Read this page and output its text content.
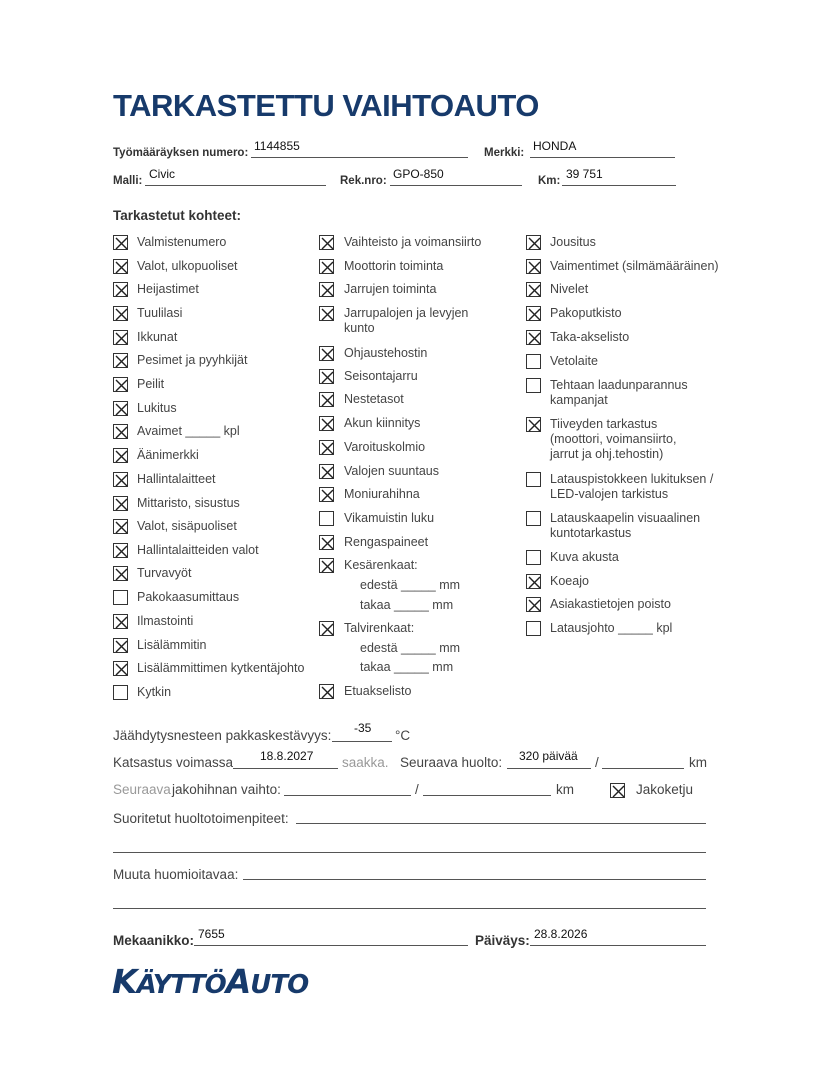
TARKASTETTU VAIHTOAUTO
Työmääräyksen numero: 1144855	Merkki: HONDA
Malli: Civic	Rek.nro: GPO-850	Km: 39 751
Tarkastetut kohteet:
Valmistenumero
Valot, ulkopuoliset
Heijastimet
Tuulilasi
Ikkunat
Pesimet ja pyyhkijät
Peilit
Lukitus
Avaimet _____ kpl
Äänimerkki
Hallintalaitteet
Mittaristo, sisustus
Valot, sisäpuoliset
Hallintalaitteiden valot
Turvavyöt
Pakokaasumittaus
Ilmastointi
Lisälämmitin
Lisälämmittimen kytkentäjohto
Kytkin
Vaihteisto ja voimansiirto
Moottorin toiminta
Jarrujen toiminta
Jarrupalojen ja levyjen
kunto
Ohjaustehostin
Seisontajarru
Nestetasot
Akun kiinnitys
Varoituskolmio
Valojen suuntaus
Moniurahihna
Vikamuistin luku
Rengaspaineet
Kesärenkaat:
Talvirenkaat:
Etuakselisto
Jousitus
Vaimentimet (silmämääräinen)
Nivelet
Pakoputkisto
Taka-akselisto
Vetolaite
Tehtaan laadunparannus
kampanjat
Tiiveyden tarkastus
(moottori, voimansiirto,
jarrut ja ohj.tehostin)
Latauspistokkeen lukituksen /
LED-valojen tarkistus
Latauskaapelin visuaalinen
kuntotarkastus
Kuva akusta
Koeajo
Asiakastietojen poisto
Latausjohto _____ kpl
edestä _____ mm
takaa _____ mm
edestä _____ mm
takaa _____ mm
Jäähdytysnesteen pakkaskestävyys: -35 °C
Katsastus voimassa 18.8.2027 saakka. Seuraava huolto: 320 päivää /	km
Seuraava jakohihnan vaihto:	/	km	Jakoketju
Suoritetut huoltotoimenpiteet:
Muuta huomioitavaa:
Mekaanikko: 7655	Päiväys: 28.8.2026
KÄYTTÖAUTO
